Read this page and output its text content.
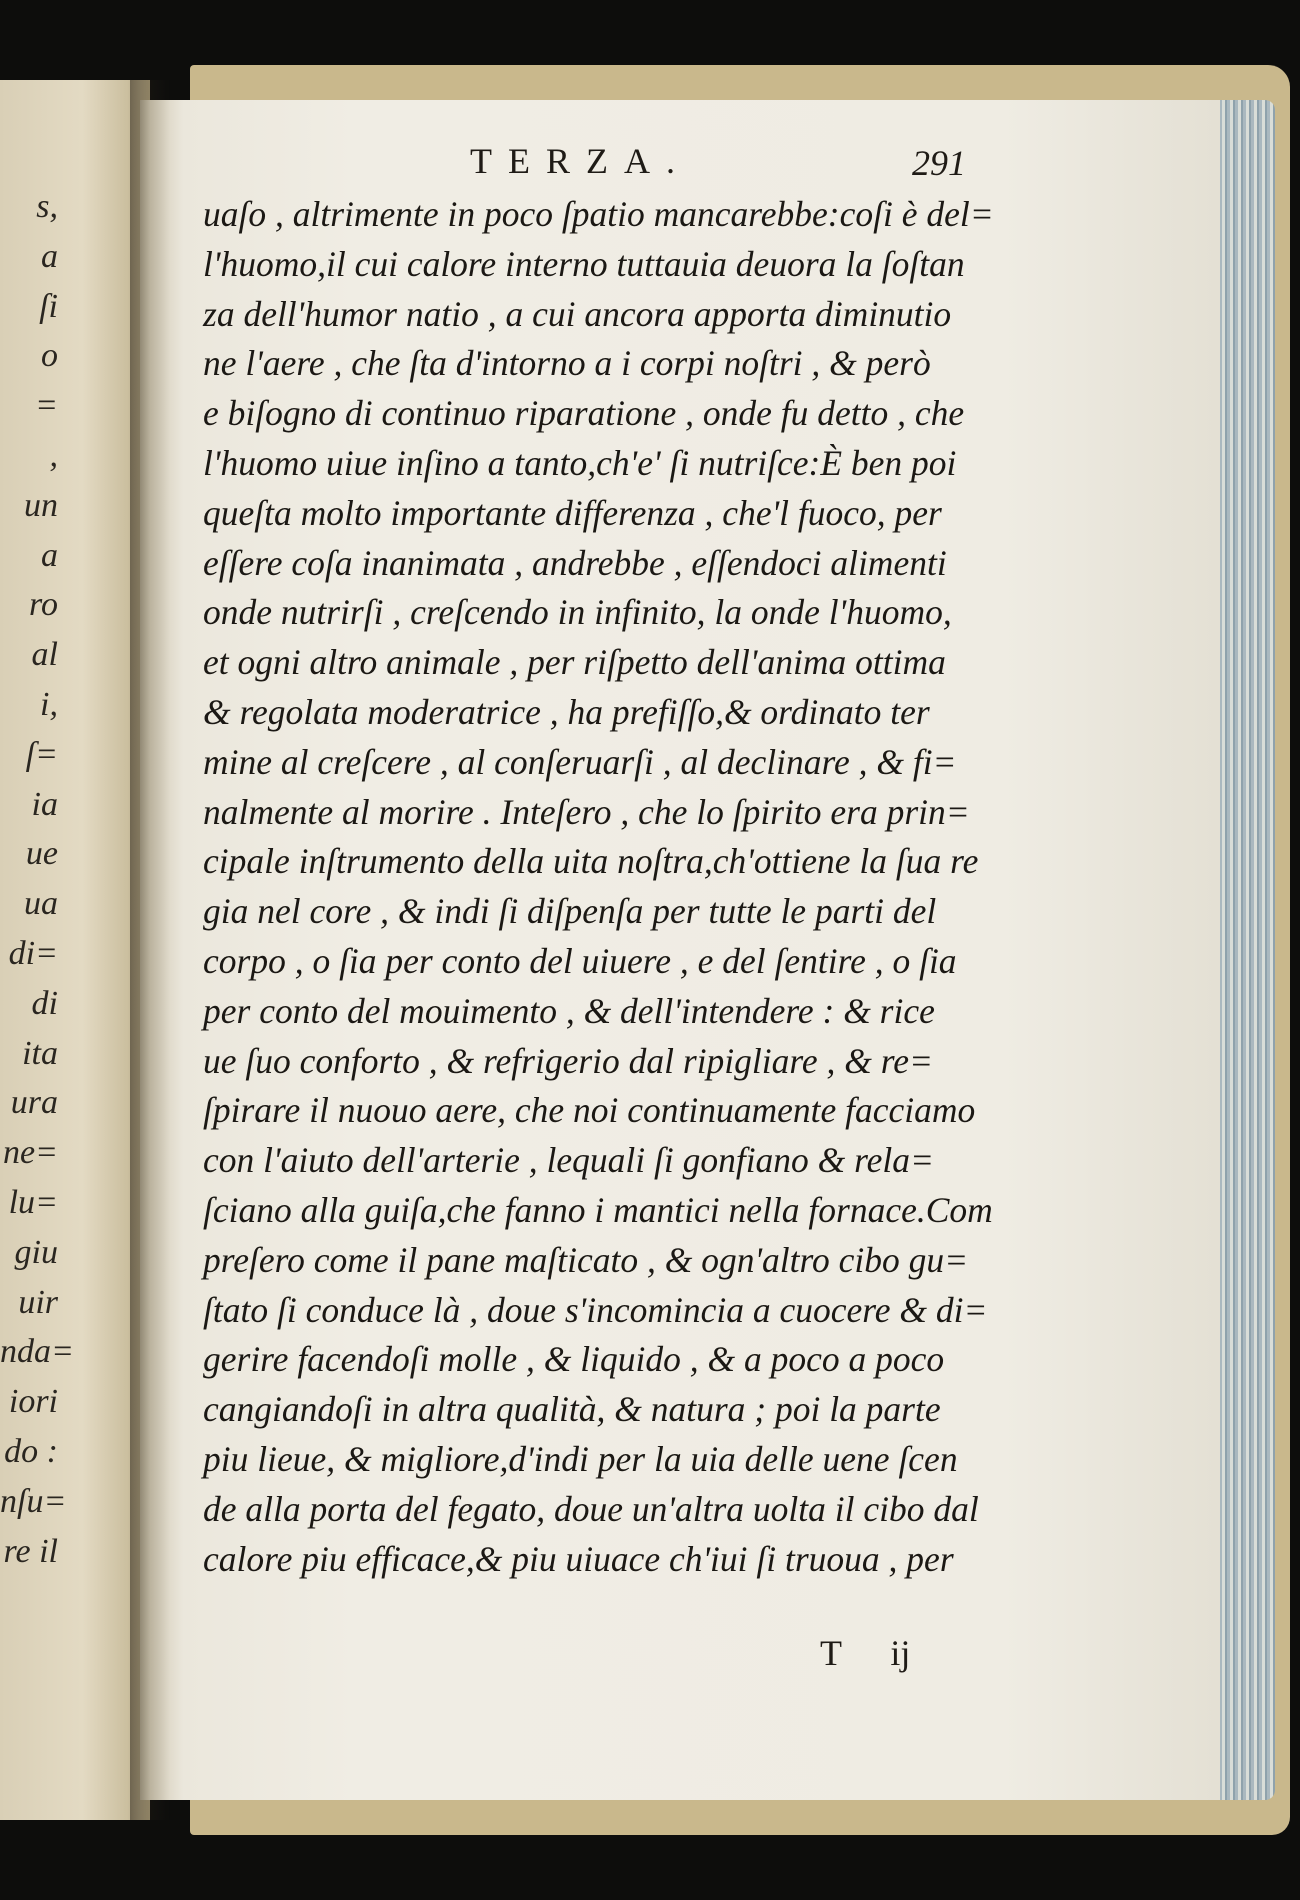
s,
a
ſi
o
=
,
un
a
ro
al
i,
ſ=
ia
ue
ua
di=
di
ita
ura
ne=
lu=
giu
uir
nda=
iori
do :
nſu=
re il
TERZA.	291
uaſo , altrimente in poco ſpatio mancarebbe:coſi è del=
l'huomo,il cui calore interno tuttauia deuora la ſoſtan
za dell'humor natio , a cui ancora apporta diminutio
ne l'aere , che ſta d'intorno a i corpi noſtri , & però
e biſogno di continuo riparatione , onde fu detto , che
l'huomo uiue inſino a tanto,ch'e' ſi nutriſce:È ben poi
queſta molto importante differenza , che'l fuoco, per
eſſere coſa inanimata , andrebbe , eſſendoci alimenti
onde nutrirſi , creſcendo in infinito, la onde l'huomo,
et ogni altro animale , per riſpetto dell'anima ottima
& regolata moderatrice , ha prefiſſo,& ordinato ter
mine al creſcere , al conſeruarſi , al declinare , & fi=
nalmente al morire . Inteſero , che lo ſpirito era prin=
cipale inſtrumento della uita noſtra,ch'ottiene la ſua re
gia nel core , & indi ſi diſpenſa per tutte le parti del
corpo , o ſia per conto del uiuere , e del ſentire , o ſia
per conto del mouimento , & dell'intendere : & rice
ue ſuo conforto , & refrigerio dal ripigliare , & re=
ſpirare il nuouo aere, che noi continuamente facciamo
con l'aiuto dell'arterie , lequali ſi gonfiano & rela=
ſciano alla guiſa,che fanno i mantici nella fornace.Com
preſero come il pane maſticato , & ogn'altro cibo gu=
ſtato ſi conduce là , doue s'incomincia a cuocere & di=
gerire facendoſi molle , & liquido , & a poco a poco
cangiandoſi in altra qualità, & natura ; poi la parte
piu lieue, & migliore,d'indi per la uia delle uene ſcen
de alla porta del fegato, doue un'altra uolta il cibo dal
calore piu efficace,& piu uiuace ch'iui ſi truoua , per
T ij
